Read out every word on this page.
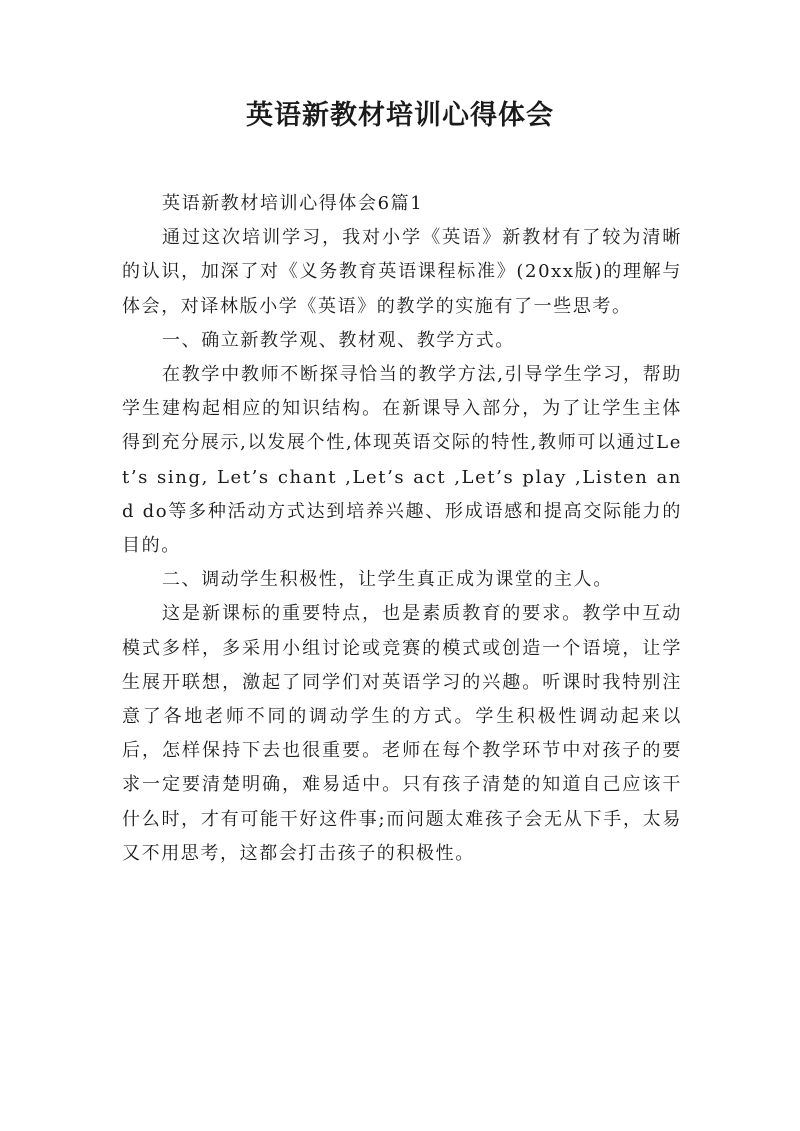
英语新教材培训心得体会

英语新教材培训心得体会6篇1

通过这次培训学习，我对小学《英语》新教材有了较为清晰的认识，加深了对《义务教育英语课程标准》(20xx版)的理解与体会，对译林版小学《英语》的教学的实施有了一些思考。

一、确立新教学观、教材观、教学方式。

在教学中教师不断探寻恰当的教学方法,引导学生学习，帮助学生建构起相应的知识结构。在新课导入部分，为了让学生主体得到充分展示,以发展个性,体现英语交际的特性,教师可以通过Let’s sing, Let’s chant ,Let’s act ,Let’s play ,Listen and do等多种活动方式达到培养兴趣、形成语感和提高交际能力的目的。

二、调动学生积极性，让学生真正成为课堂的主人。

这是新课标的重要特点，也是素质教育的要求。教学中互动模式多样，多采用小组讨论或竞赛的模式或创造一个语境，让学生展开联想，激起了同学们对英语学习的兴趣。听课时我特别注意了各地老师不同的调动学生的方式。学生积极性调动起来以后，怎样保持下去也很重要。老师在每个教学环节中对孩子的要求一定要清楚明确，难易适中。只有孩子清楚的知道自己应该干什么时，才有可能干好这件事;而问题太难孩子会无从下手，太易又不用思考，这都会打击孩子的积极性。
